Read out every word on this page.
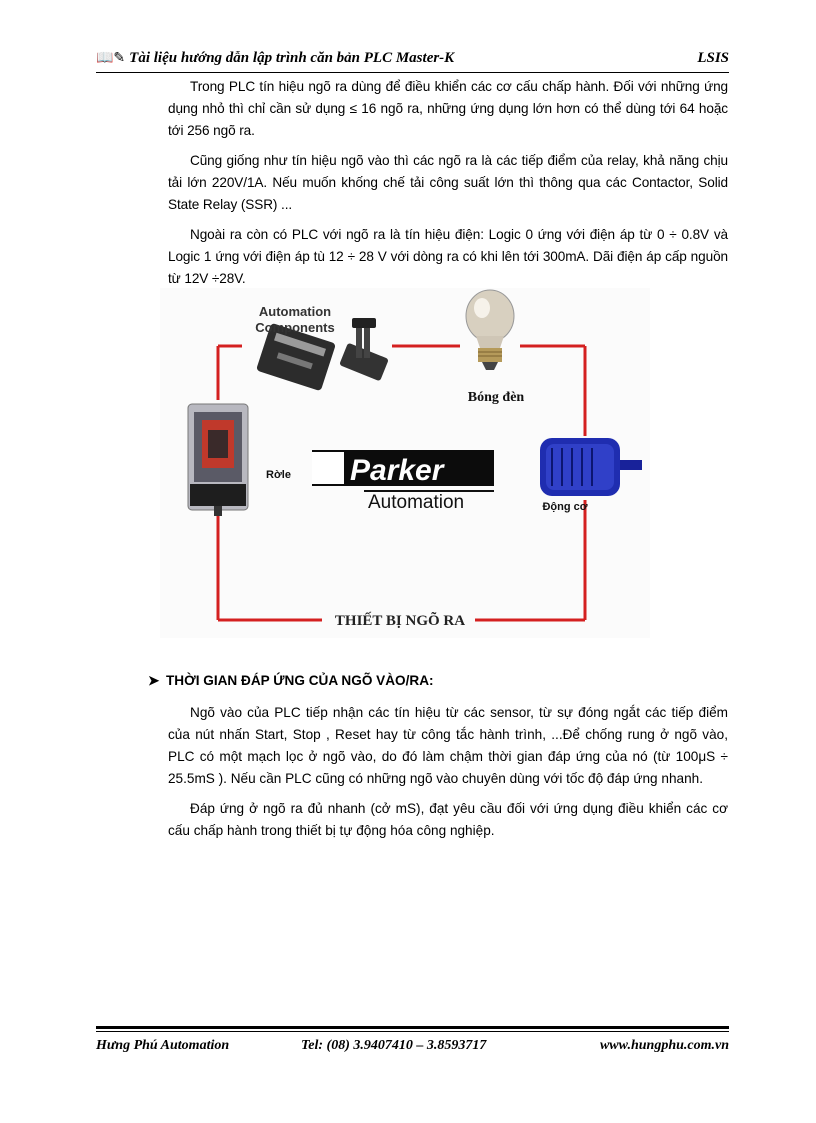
📖✎ Tài liệu hướng dẫn lập trình căn bản PLC Master-K	LSIS

Trong PLC tín hiệu ngõ ra dùng để điều khiển các cơ cấu chấp hành. Đối với những ứng dụng nhỏ thì chỉ cần sử dụng ≤ 16 ngõ ra, những ứng dụng lớn hơn có thể dùng tới 64 hoặc tới 256 ngõ ra.

Cũng giống như tín hiệu ngõ vào thì các ngõ ra là các tiếp điểm của relay, khả năng chịu tải lớn 220V/1A. Nếu muốn khống chế tải công suất lớn thì thông qua các Contactor, Solid State Relay (SSR) ...

Ngoài ra còn có PLC với ngõ ra là tín hiệu điện: Logic 0 ứng với điện áp từ 0 ÷ 0.8V và Logic 1 ứng với điện áp tù 12 ÷ 28 V với dòng ra có khi lên tới 300mA. Dãi điện áp cấp nguồn từ 12V ÷28V.

Automation
Components
Bóng đèn
Rờle Parker
Automation	Động cơ
THIẾT BỊ NGÕ RA
➤ THỜI GIAN ĐÁP ỨNG CỦA NGÕ VÀO/RA:

Ngõ vào của PLC tiếp nhận các tín hiệu từ các sensor, từ sự đóng ngắt các tiếp điểm của nút nhấn Start, Stop , Reset hay từ công tắc hành trình, ...Để chống rung ở ngõ vào, PLC có một mạch lọc ở ngõ vào, do đó làm chậm thời gian đáp ứng của nó (từ 100μS ÷ 25.5mS ). Nếu cần PLC cũng có những ngõ vào chuyên dùng với tốc độ đáp ứng nhanh.

Đáp ứng ở ngõ ra đủ nhanh (cở mS), đạt yêu cầu đối với ứng dụng điều khiển các cơ cấu chấp hành trong thiết bị tự động hóa công nghiệp.

Hưng Phú Automation	Tel: (08) 3.9407410 – 3.8593717	www.hungphu.com.vn
